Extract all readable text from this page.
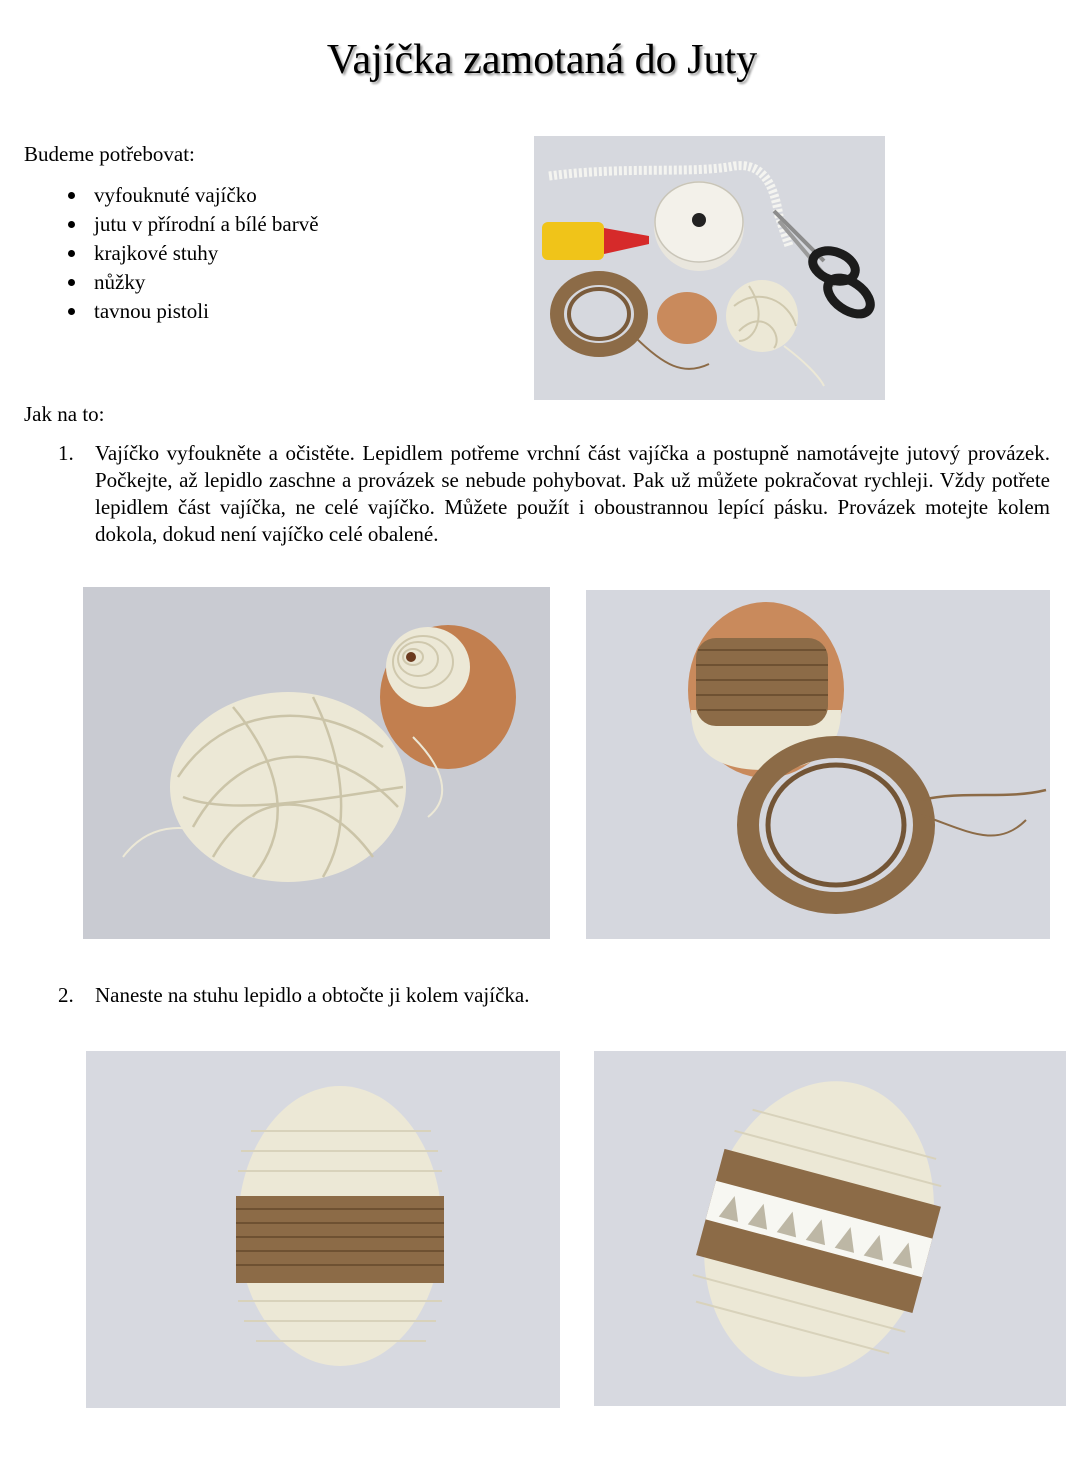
Vajíčka zamotaná do Juty
Budeme potřebovat:
vyfouknuté vajíčko
jutu v přírodní a bílé barvě
krajkové stuhy
nůžky
tavnou pistoli
Jak na to:
1. Vajíčko vyfoukněte a očistěte. Lepidlem potřeme vrchní část vajíčka a postupně namotávejte jutový provázek. Počkejte, až lepidlo zaschne a provázek se nebude pohybovat. Pak už můžete pokračovat rychleji. Vždy potřete lepidlem část vajíčka, ne celé vajíčko. Můžete použít i oboustrannou lepící pásku. Provázek motejte kolem dokola, dokud není vajíčko celé obalené.
2. Naneste na stuhu lepidlo a obtočte ji kolem vajíčka.
